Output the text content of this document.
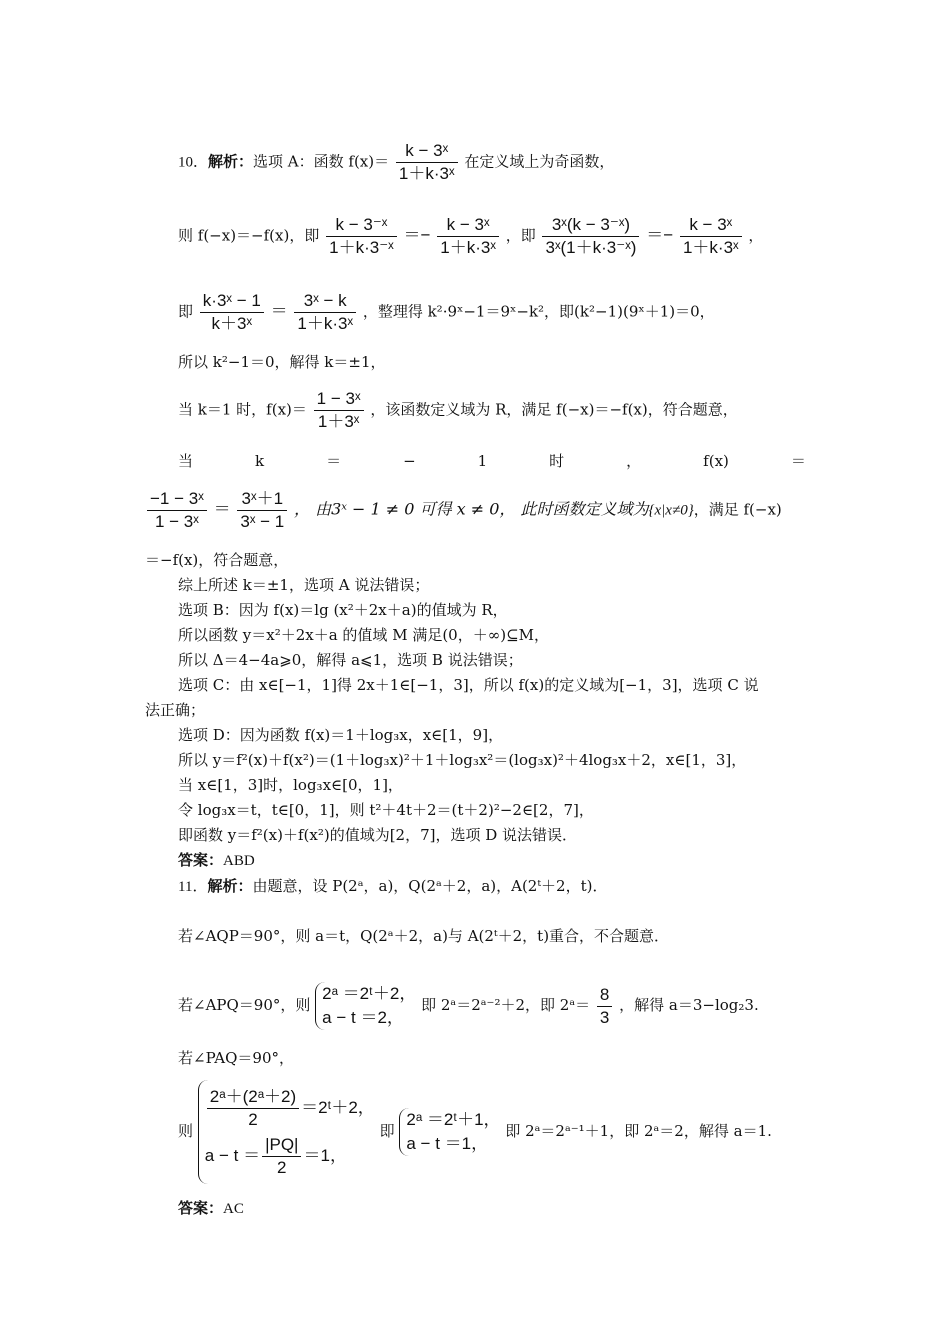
10．解析：选项 A：函数 $f(x)= \frac{\text{k − 3ˣ}}{\text{1＋k·3ˣ}}$ 在定义域上为奇函数，
则 f(−x)＝−f(x)，即 $\frac{\text{k − 3⁻ˣ}}{\text{1＋k·3⁻ˣ}} =- \frac{\text{k − 3ˣ}}{\text{1＋k·3ˣ}}$ ，即 $\frac{\text{3ˣ(k − 3⁻ˣ)}}{\text{3ˣ(1＋k·3⁻ˣ)}} =- \frac{\text{k − 3ˣ}}{\text{1＋k·3ˣ}}$ ，
即 $\frac{\text{k·3ˣ − 1}}{\text{k＋3ˣ}} = \frac{\text{3ˣ − k}}{\text{1＋k·3ˣ}}$ ，整理得 k²·9ˣ−1＝9ˣ−k²，即(k²−1)(9ˣ＋1)＝0，
所以 k²−1＝0，解得 k＝±1，
当 k＝1 时，$f(x)= \frac{\text{1 − 3ˣ}}{\text{1＋3ˣ}}$ ，该函数定义域为 R，满足 f(−x)＝−f(x)，符合题意，
当	k	＝	−	1	时	，	f(x)	＝
$\frac{\text{−1 − 3ˣ}}{\text{1 − 3ˣ}} = \frac{\text{3ˣ＋1}}{\text{3ˣ − 1}}$ ， 由3ˣ − 1 ≠ 0 可得 x ≠ 0， 此时函数定义域为{x|x≠0}，满足 f(−x)
＝−f(x)，符合题意，
综上所述 k＝±1，选项 A 说法错误；
选项 B：因为 f(x)＝lg (x²＋2x＋a)的值域为 R，
所以函数 y＝x²＋2x＋a 的值域 M 满足(0，＋∞)⊆M，
所以 Δ＝4−4a⩾0，解得 a⩽1，选项 B 说法错误；
选项 C：由 x∈[−1，1]得 2x＋1∈[−1，3]，所以 f(x)的定义域为[−1，3]，选项 C 说
法正确；
选项 D：因为函数 f(x)＝1＋log₃x，x∈[1，9]，
所以 y＝f²(x)＋f(x²)＝(1＋log₃x)²＋1＋log₃x²＝(log₃x)²＋4log₃x＋2，x∈[1，3]，
当 x∈[1，3]时，log₃x∈[0，1]，
令 log₃x＝t，t∈[0，1]，则 t²＋4t＋2＝(t＋2)²−2∈[2，7]，
即函数 y＝f²(x)＋f(x²)的值域为[2，7]，选项 D 说法错误．
答案：ABD
11．解析：由题意，设 P(2ᵃ，a)，Q(2ᵃ＋2，a)，A(2ᵗ＋2，t)．
若∠AQP＝90°，则 a＝t，Q(2ᵃ＋2，a)与 A(2ᵗ＋2，t)重合，不合题意．
若∠APQ＝90°，则
2ᵃ ＝2ᵗ＋2，
a − t ＝2，
即 2ᵃ＝2ᵃ⁻²＋2，即 2ᵃ＝ $\frac{8}{3}$ ，解得 a＝3−log₂3.
若∠PAQ＝90°，
则 $\frac{\text{2ᵃ＋(2ᵃ＋2)}}{2}$ ＝2ᵗ＋2，
$a - t = \frac{|PQ|}{2} =1$，
即
2ᵃ ＝2ᵗ＋1，
a − t ＝1，
即 2ᵃ＝2ᵃ⁻¹＋1，即 2ᵃ＝2，解得 a＝1.
答案：AC
